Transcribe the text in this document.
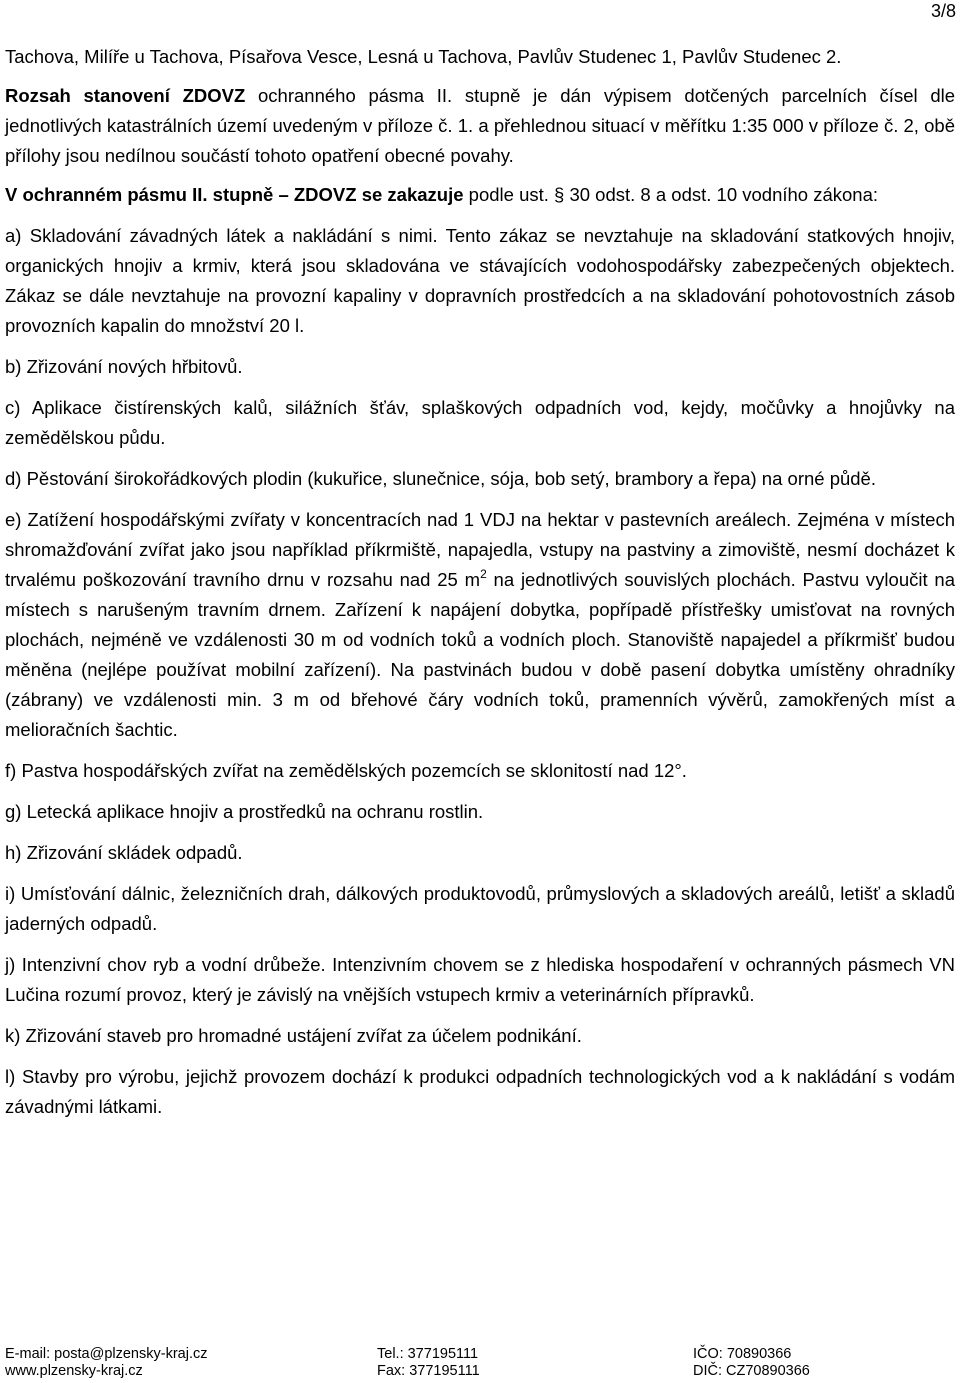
3/8

Tachova, Milíře u Tachova, Písařova Vesce, Lesná u Tachova, Pavlův Studenec 1, Pavlův Studenec 2.

Rozsah stanovení ZDOVZ ochranného pásma II. stupně je dán výpisem dotčených parcelních čísel dle jednotlivých katastrálních území uvedeným v příloze č. 1. a přehlednou situací v měřítku 1:35 000 v příloze č. 2, obě přílohy jsou nedílnou součástí tohoto opatření obecné povahy.

V ochranném pásmu II. stupně – ZDOVZ se zakazuje podle ust. § 30 odst. 8 a odst. 10 vodního zákona:

a) Skladování závadných látek a nakládání s nimi. Tento zákaz se nevztahuje na skladování statkových hnojiv, organických hnojiv a krmiv, která jsou skladována ve stávajících vodohospodářsky zabezpečených objektech. Zákaz se dále nevztahuje na provozní kapaliny v dopravních prostředcích a na skladování pohotovostních zásob provozních kapalin do množství 20 l.

b) Zřizování nových hřbitovů.

c) Aplikace čistírenských kalů, silážních šťáv, splaškových odpadních vod, kejdy, močůvky a hnojůvky na zemědělskou půdu.

d) Pěstování širokořádkových plodin (kukuřice, slunečnice, sója, bob setý, brambory a řepa) na orné půdě.

e) Zatížení hospodářskými zvířaty v koncentracích nad 1 VDJ na hektar v pastevních areálech. Zejména v místech shromažďování zvířat jako jsou například příkrmiště, napajedla, vstupy na pastviny a zimoviště, nesmí docházet k trvalému poškozování travního drnu v rozsahu nad 25 $m^2$ na jednotlivých souvislých plochách. Pastvu vyloučit na místech s narušeným travním drnem. Zařízení k napájení dobytka, popřípadě přístřešky umisťovat na rovných plochách, nejméně ve vzdálenosti 30 m od vodních toků a vodních ploch. Stanoviště napajedel a příkrmišť budou měněna (nejlépe používat mobilní zařízení). Na pastvinách budou v době pasení dobytka umístěny ohradníky (zábrany) ve vzdálenosti min. 3 m od břehové čáry vodních toků, pramenních vývěrů, zamokřených míst a melioračních šachtic.

f) Pastva hospodářských zvířat na zemědělských pozemcích se sklonitostí nad 12°.

g) Letecká aplikace hnojiv a prostředků na ochranu rostlin.

h) Zřizování skládek odpadů.

i) Umísťování dálnic, železničních drah, dálkových produktovodů, průmyslových a skladových areálů, letišť a skladů jaderných odpadů.

j) Intenzivní chov ryb a vodní drůbeže. Intenzivním chovem se z hlediska hospodaření v ochranných pásmech VN Lučina rozumí provoz, který je závislý na vnějších vstupech krmiv a veterinárních přípravků.

k) Zřizování staveb pro hromadné ustájení zvířat za účelem podnikání.

l) Stavby pro výrobu, jejichž provozem dochází k produkci odpadních technologických vod a k nakládání s vodám závadnými látkami.

E-mail: posta@plzensky-kraj.cz
www.plzensky-kraj.cz
Tel.: 377195111
Fax: 377195111
IČO: 70890366
DIČ: CZ70890366
